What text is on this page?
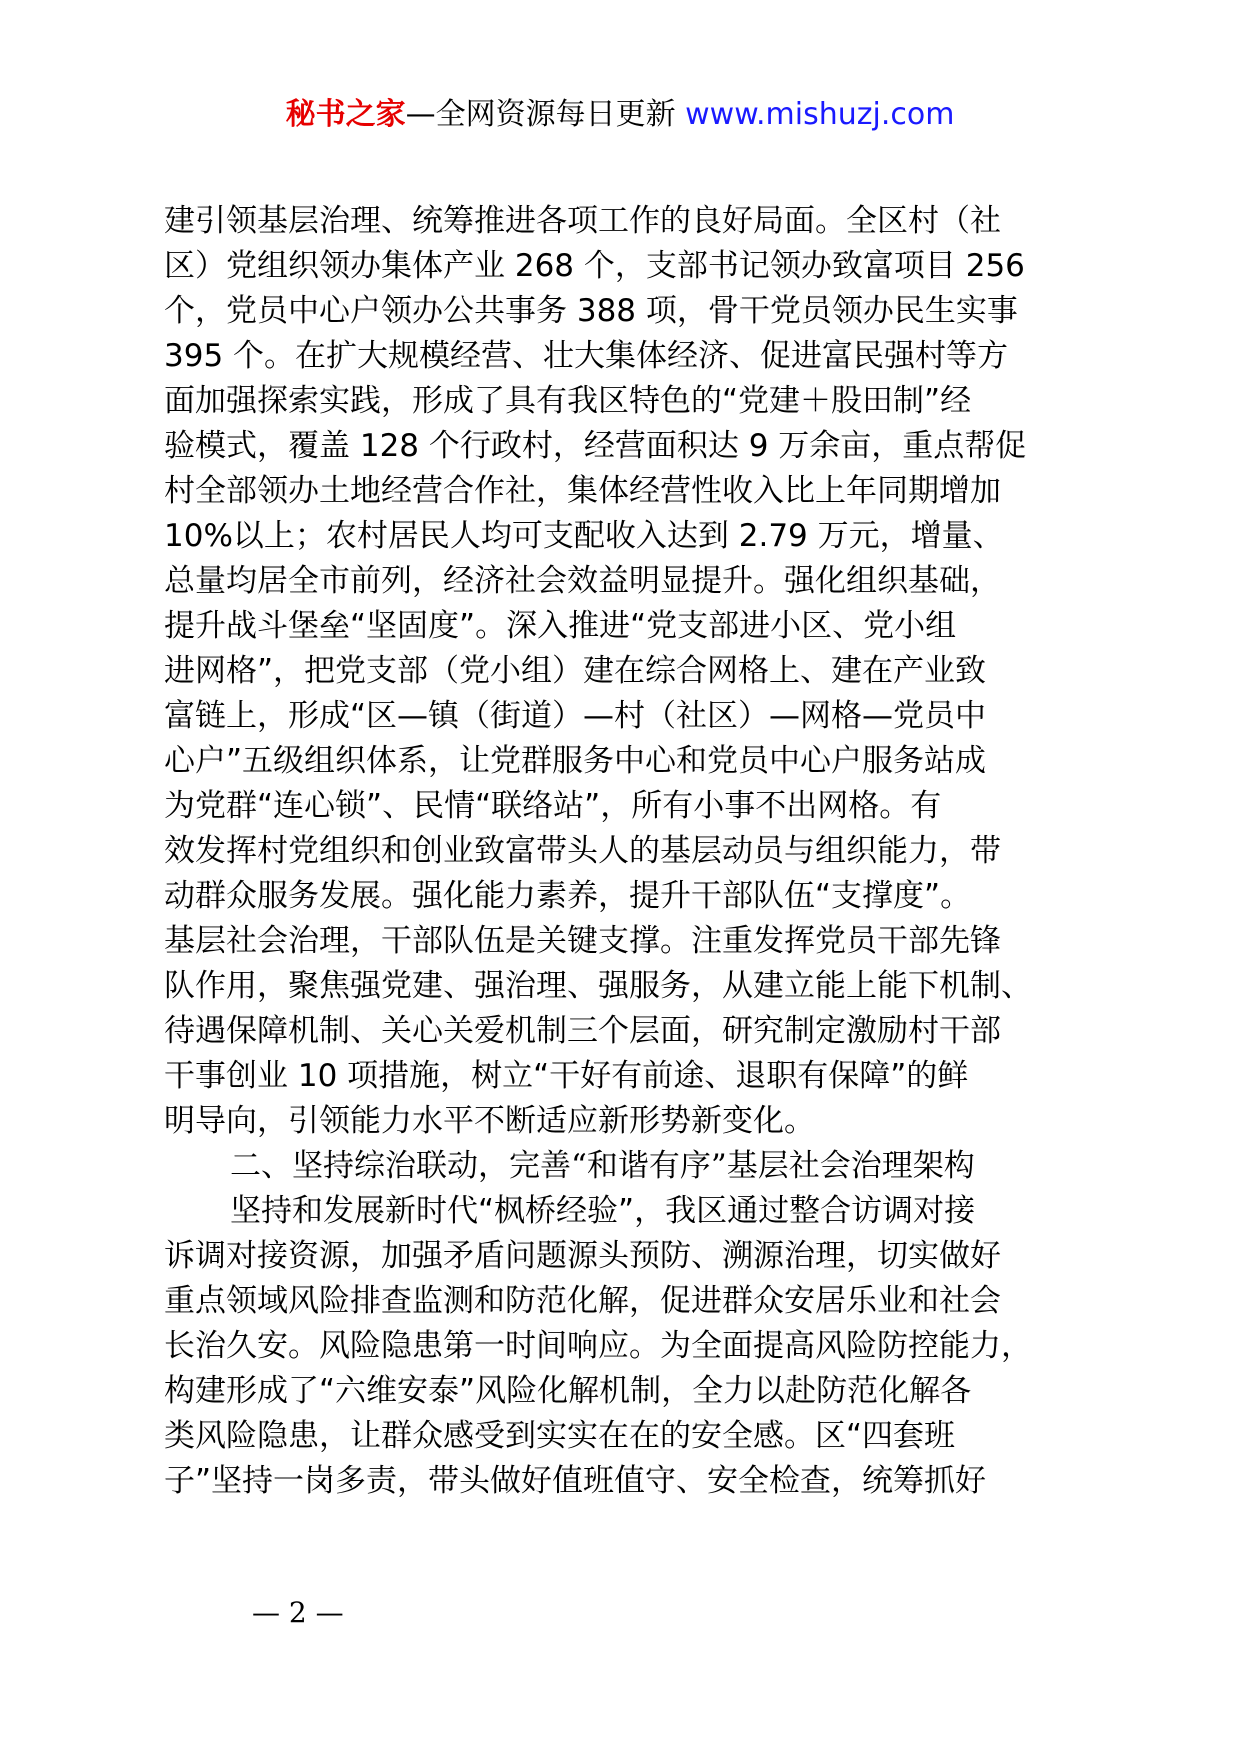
秘书之家—全网资源每日更新 www.mishuzj.com
建引领基层治理、统筹推进各项工作的良好局面。全区村（社
区）党组织领办集体产业 268 个，支部书记领办致富项目 256
个，党员中心户领办公共事务 388 项，骨干党员领办民生实事
395 个。在扩大规模经营、壮大集体经济、促进富民强村等方
面加强探索实践，形成了具有我区特色的“党建＋股田制”经
验模式，覆盖 128 个行政村，经营面积达 9 万余亩，重点帮促
村全部领办土地经营合作社，集体经营性收入比上年同期增加
10%以上；农村居民人均可支配收入达到 2.79 万元，增量、
总量均居全市前列，经济社会效益明显提升。强化组织基础，
提升战斗堡垒“坚固度”。深入推进“党支部进小区、党小组
进网格”，把党支部（党小组）建在综合网格上、建在产业致
富链上，形成“区—镇（街道）—村（社区）—网格—党员中
心户”五级组织体系，让党群服务中心和党员中心户服务站成
为党群“连心锁”、民情“联络站”，所有小事不出网格。有
效发挥村党组织和创业致富带头人的基层动员与组织能力，带
动群众服务发展。强化能力素养，提升干部队伍“支撑度”。
基层社会治理，干部队伍是关键支撑。注重发挥党员干部先锋
队作用，聚焦强党建、强治理、强服务，从建立能上能下机制、
待遇保障机制、关心关爱机制三个层面，研究制定激励村干部
干事创业 10 项措施，树立“干好有前途、退职有保障”的鲜
明导向，引领能力水平不断适应新形势新变化。
二、坚持综治联动，完善“和谐有序”基层社会治理架构
坚持和发展新时代“枫桥经验”，我区通过整合访调对接
诉调对接资源，加强矛盾问题源头预防、溯源治理，切实做好
重点领域风险排查监测和防范化解，促进群众安居乐业和社会
长治久安。风险隐患第一时间响应。为全面提高风险防控能力，
构建形成了“六维安泰”风险化解机制，全力以赴防范化解各
类风险隐患，让群众感受到实实在在的安全感。区“四套班
子”坚持一岗多责，带头做好值班值守、安全检查，统筹抓好
— 2 —
